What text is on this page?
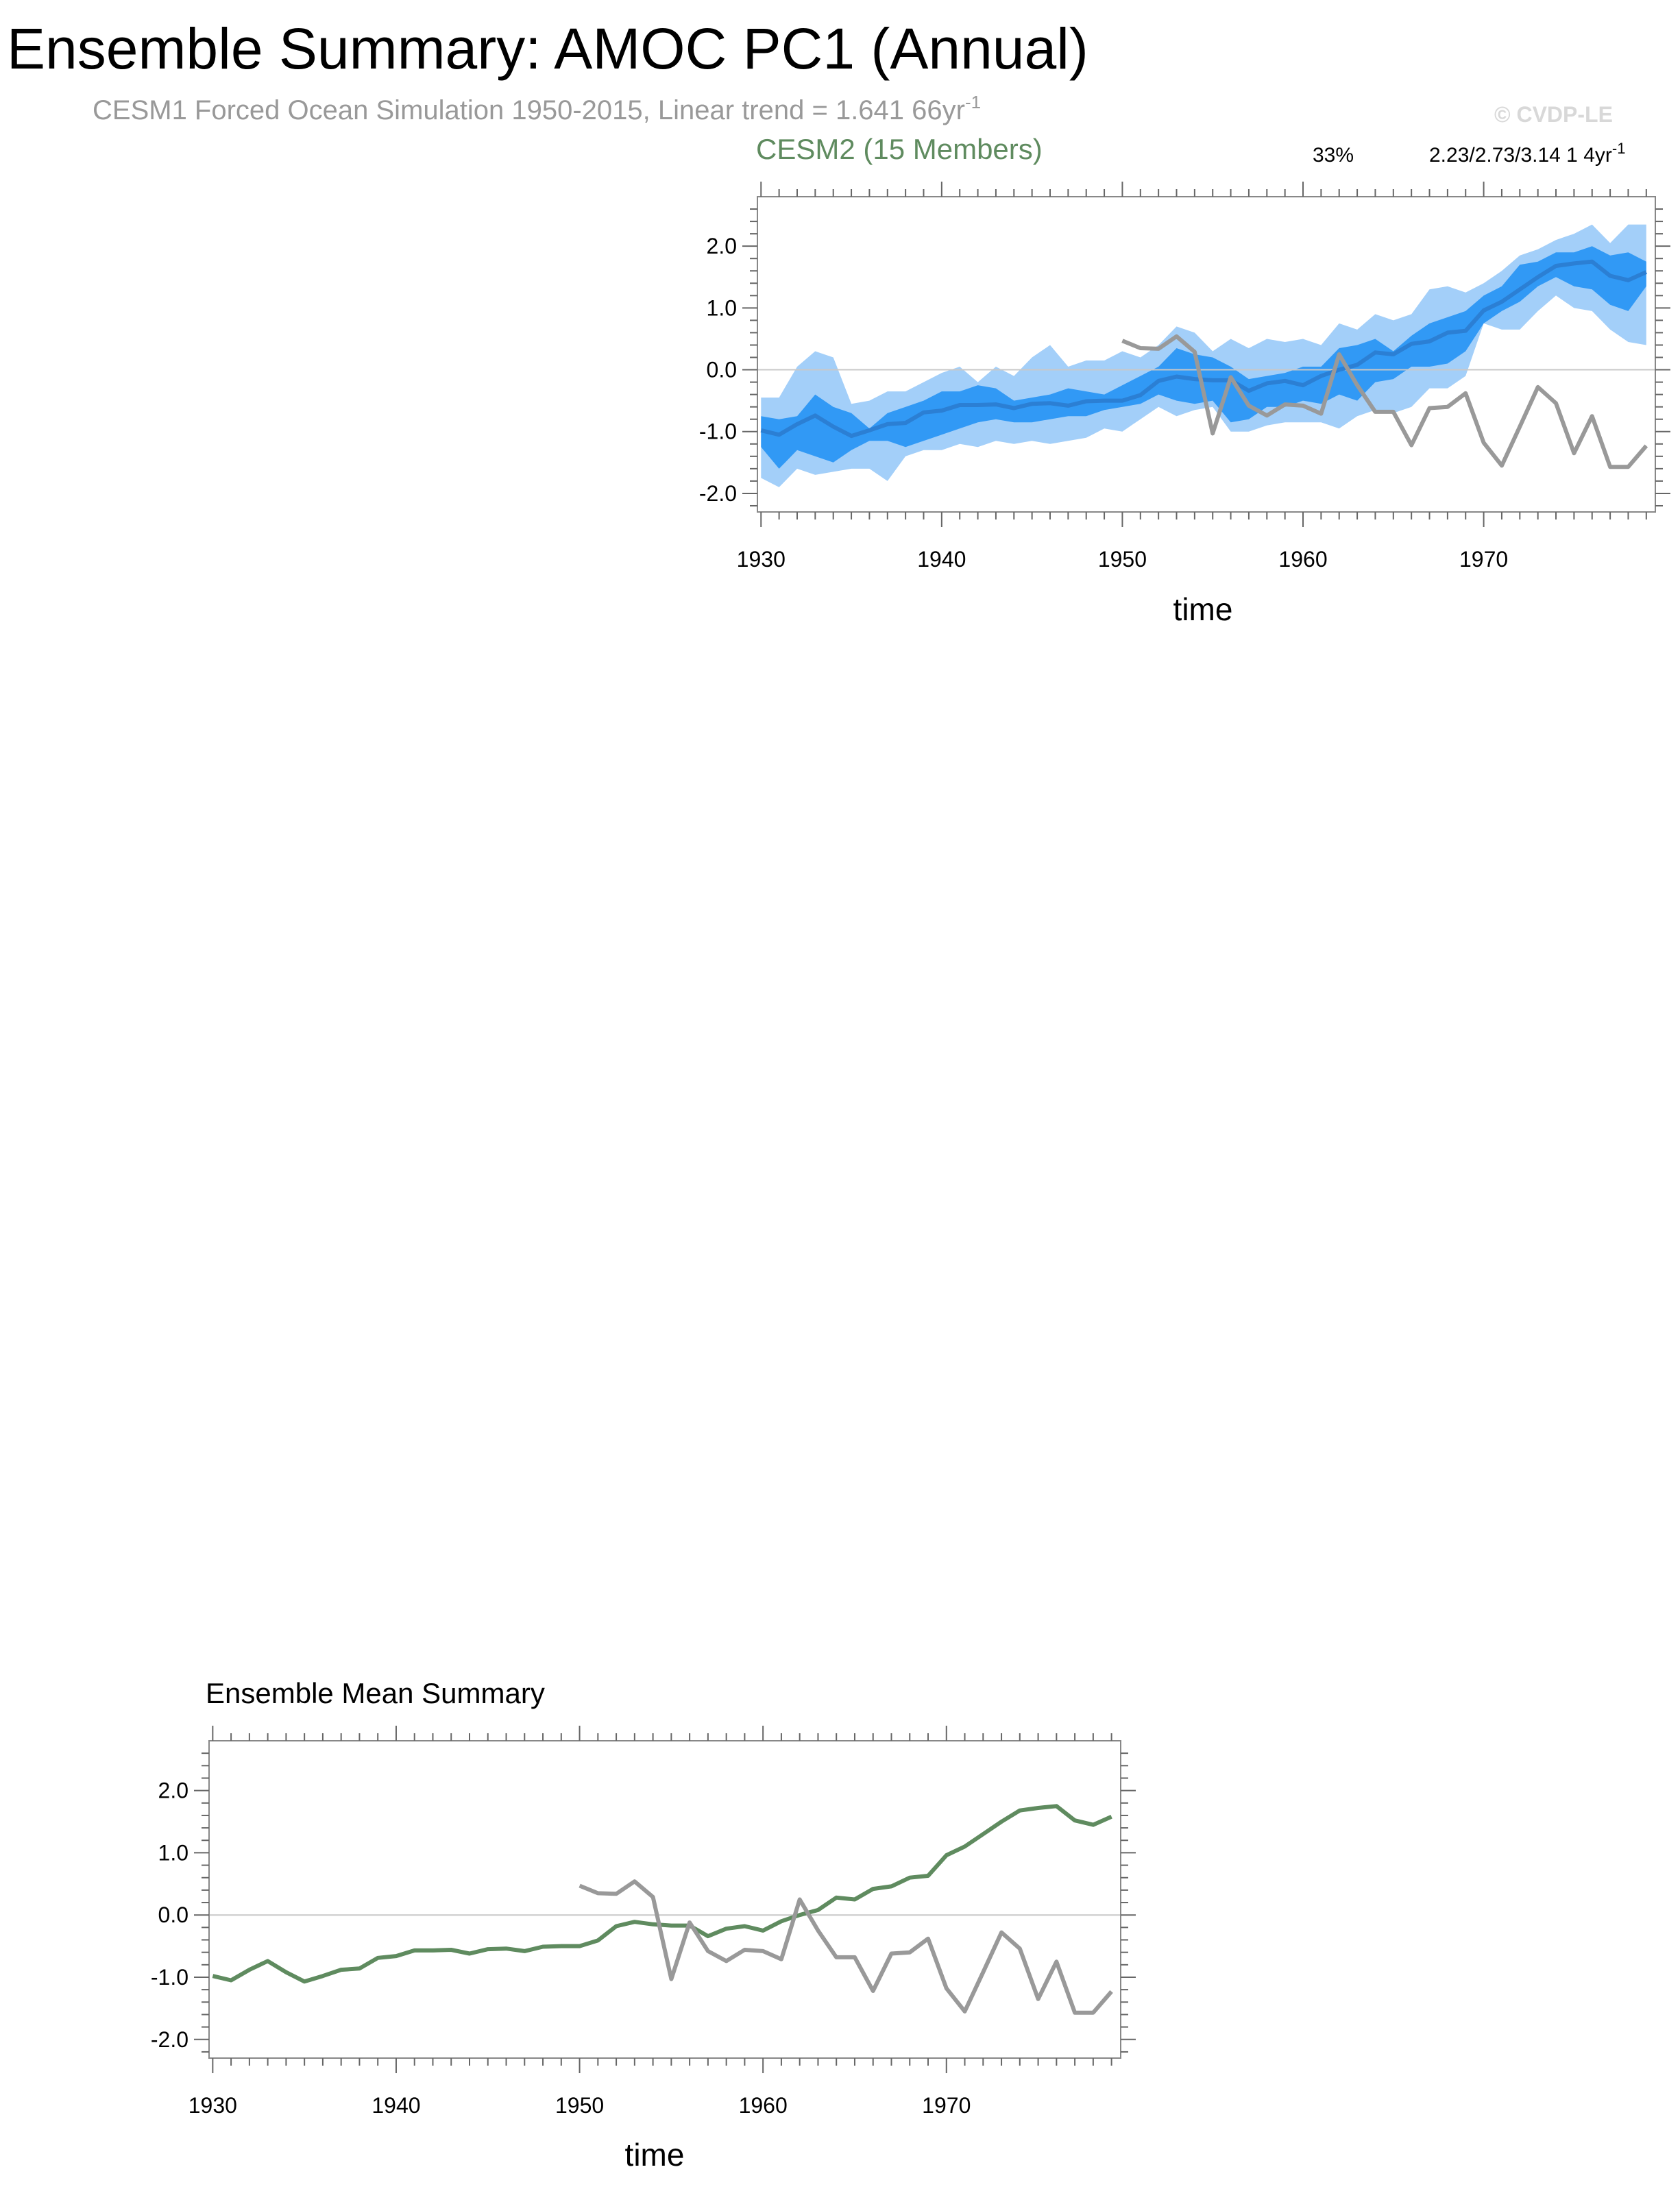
Ensemble Summary: AMOC PC1 (Annual)
CESM1 Forced Ocean Simulation 1950-2015, Linear trend = 1.641 $66yr^{-1}$	© CVDP-LE
CESM2 (15 Members)	33%	2.23/2.73/3.14 1 $4yr^{-1}$
1930	1940	1950	1960	1970
-2.0
-1.0
0.0
1.0
2.0
time
Ensemble Mean Summary
1930	1940	1950	1960	1970
-2.0
-1.0
0.0
1.0
2.0
time
